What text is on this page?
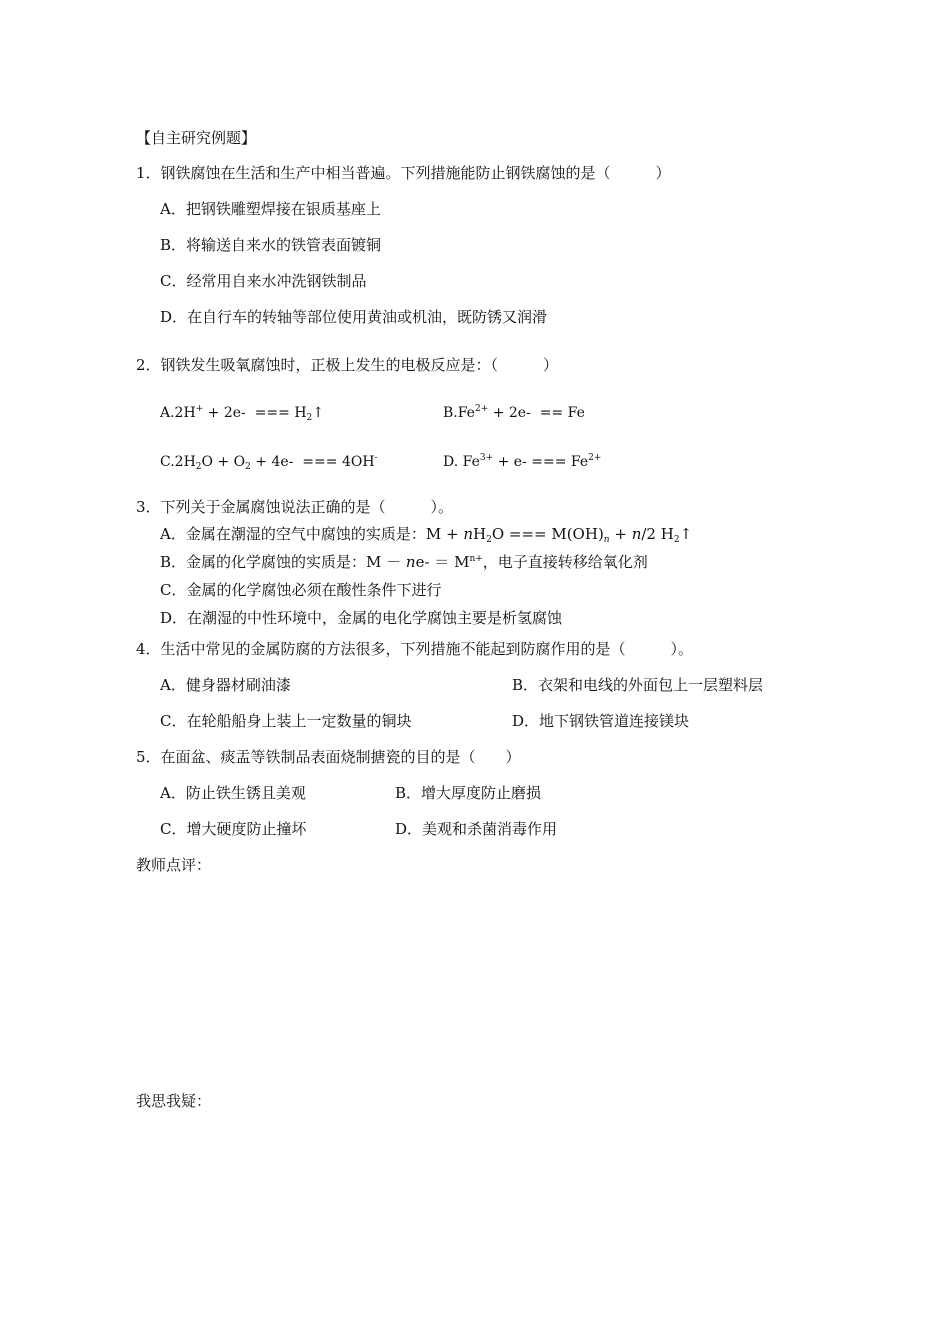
【自主研究例题】
1．钢铁腐蚀在生活和生产中相当普遍。下列措施能防止钢铁腐蚀的是（　　　）
A．把钢铁雕塑焊接在银质基座上
B．将输送自来水的铁管表面镀铜
C．经常用自来水冲洗钢铁制品
D．在自行车的转轴等部位使用黄油或机油，既防锈又润滑
2．钢铁发生吸氧腐蚀时，正极上发生的电极反应是：（　　　）
A.2H+ + 2e-  === $H_2↑$	$B.Fe^{2+} + 2e- == Fe$
$C.2H_2O + O_2 + 4e-$  === 4OH-	D. $Fe^{3+} + e-$ === $Fe^{2+}$
3．下列关于金属腐蚀说法正确的是（　　　）。
A．金属在潮湿的空气中腐蚀的实质是：$M + nH_2O$ === $M(OH)_n + n/2$ $H_2↑$
B．金属的化学腐蚀的实质是：$M - ne- = M^{n+}$，电子直接转移给氧化剂
C．金属的化学腐蚀必须在酸性条件下进行
D．在潮湿的中性环境中，金属的电化学腐蚀主要是析氢腐蚀
4．生活中常见的金属防腐的方法很多，下列措施不能起到防腐作用的是（　　　）。
A．健身器材刷油漆	B．衣架和电线的外面包上一层塑料层
C．在轮船船身上装上一定数量的铜块	D．地下钢铁管道连接镁块
5．在面盆、痰盂等铁制品表面烧制搪瓷的目的是（　　）
A．防止铁生锈且美观	B．增大厚度防止磨损
C．增大硬度防止撞坏	D．美观和杀菌消毒作用
教师点评：
我思我疑：
